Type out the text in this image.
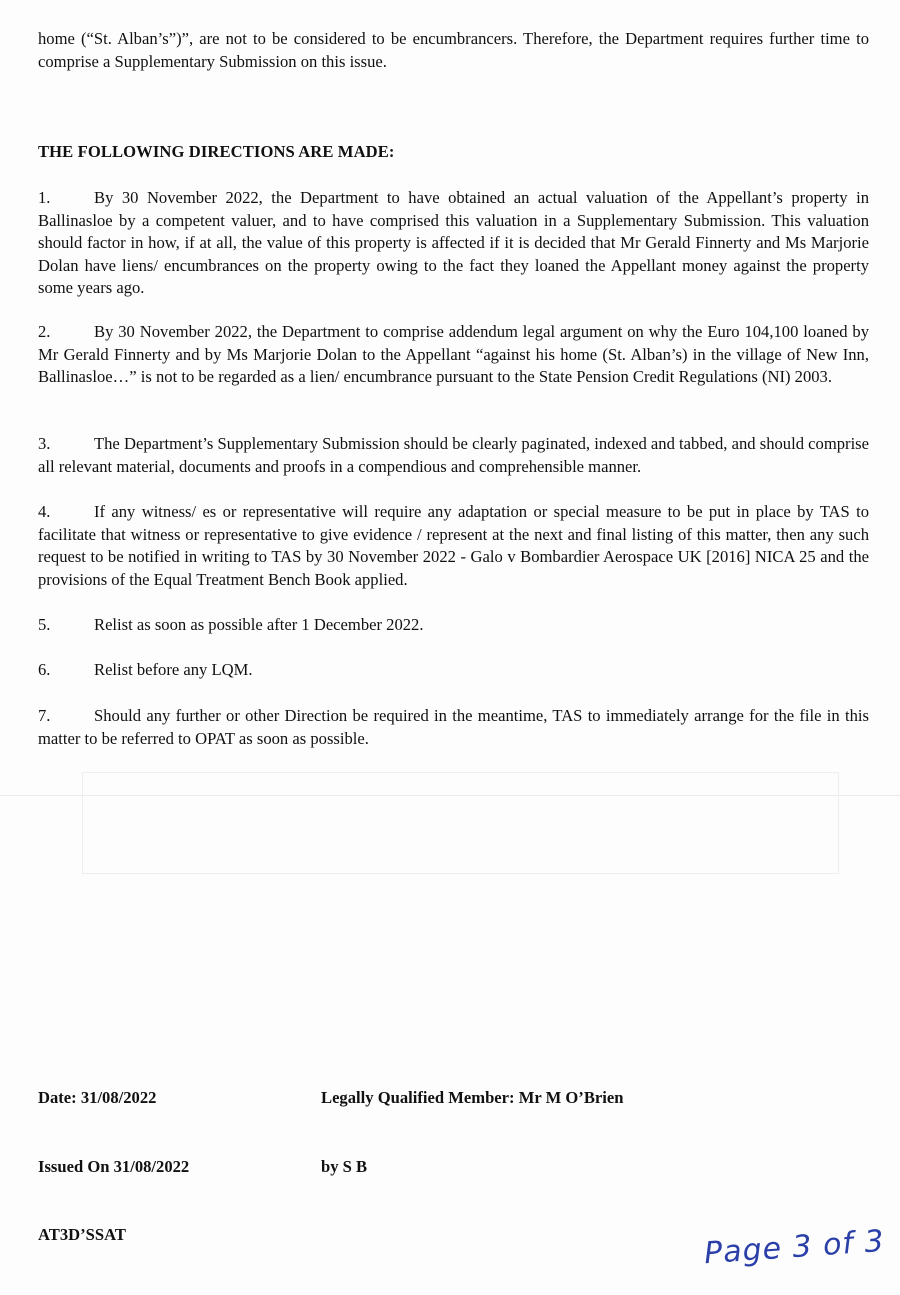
home (“St. Alban’s”)”, are not to be considered to be encumbrancers. Therefore, the Department requires further time to comprise a Supplementary Submission on this issue.
THE FOLLOWING DIRECTIONS ARE MADE:
1.	By 30 November 2022, the Department to have obtained an actual valuation of the Appellant’s property in Ballinasloe by a competent valuer, and to have comprised this valuation in a Supplementary Submission. This valuation should factor in how, if at all, the value of this property is affected if it is decided that Mr Gerald Finnerty and Ms Marjorie Dolan have liens/ encumbrances on the property owing to the fact they loaned the Appellant money against the property some years ago.
2.	By 30 November 2022, the Department to comprise addendum legal argument on why the Euro 104,100 loaned by Mr Gerald Finnerty and by Ms Marjorie Dolan to the Appellant “against his home (St. Alban’s) in the village of New Inn, Ballinasloe…” is not to be regarded as a lien/ encumbrance pursuant to the State Pension Credit Regulations (NI) 2003.
3.	The Department’s Supplementary Submission should be clearly paginated, indexed and tabbed, and should comprise all relevant material, documents and proofs in a compendious and comprehensible manner.
4.	If any witness/ es or representative will require any adaptation or special measure to be put in place by TAS to facilitate that witness or representative to give evidence / represent at the next and final listing of this matter, then any such request to be notified in writing to TAS by 30 November 2022 - Galo v Bombardier Aerospace UK [2016] NICA 25 and the provisions of the Equal Treatment Bench Book applied.
5.	Relist as soon as possible after 1 December 2022.
6.	Relist before any LQM.
7.	Should any further or other Direction be required in the meantime, TAS to immediately arrange for the file in this matter to be referred to OPAT as soon as possible.
Date: 31/08/2022	Legally Qualified Member: Mr M O’Brien
Issued On 31/08/2022	by S B
AT3D’SSAT	Page 3 of 3
